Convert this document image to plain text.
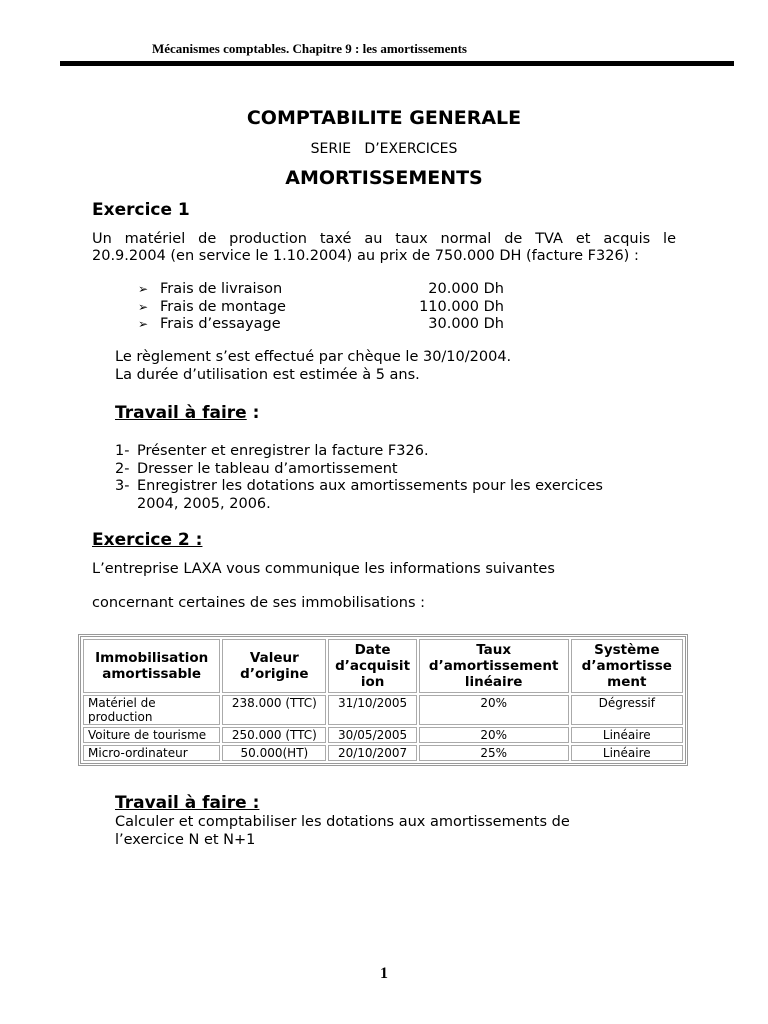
Mécanismes comptables. Chapitre 9 : les amortissements
COMPTABILITE GENERALE
SERIE   D’EXERCICES
AMORTISSEMENTS
Exercice 1
Un matériel de production taxé au taux normal de TVA et acquis le
20.9.2004 (en service le 1.10.2004) au prix de 750.000 DH (facture F326) :
➢ Frais de livraison	20.000 Dh
➢ Frais de montage	110.000 Dh
➢ Frais d’essayage	30.000 Dh
Le règlement s’est effectué par chèque le 30/10/2004.
La durée d’utilisation est estimée à 5 ans.
Travail à faire :
1- Présenter et enregistrer la facture F326.
2- Dresser le tableau d’amortissement
3- Enregistrer les dotations aux amortissements pour les exercices
2004, 2005, 2006.
Exercice 2 :
L’entreprise LAXA vous communique les informations suivantes
concernant certaines de ses immobilisations :
Immobilisation amortissable	Valeur d’origine	Date d’acquisit ion	Taux d’amortissement linéaire	Système d’amortisse ment
Matériel de production	238.000 (TTC)	31/10/2005	20%	Dégressif
Voiture de tourisme	250.000 (TTC)	30/05/2005	20%	Linéaire
Micro-ordinateur	50.000(HT)	20/10/2007	25%	Linéaire
Travail à faire :
Calculer et comptabiliser les dotations aux amortissements de
l’exercice N et N+1
1
